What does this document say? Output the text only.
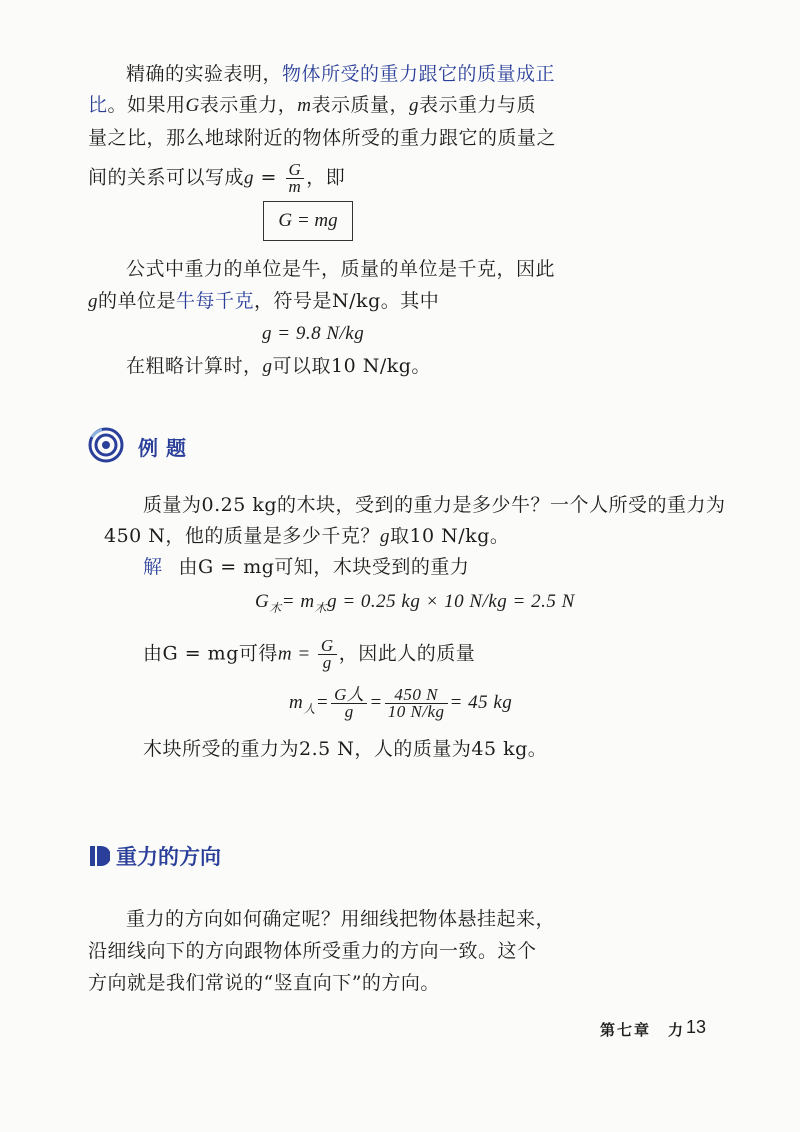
精确的实验表明，物体所受的重力跟它的质量成正
比。如果用G表示重力，m表示质量，g表示重力与质
量之比，那么地球附近的物体所受的重力跟它的质量之
间的关系可以写成$g = \frac{G}{m}$ ，即
G = mg
公式中重力的单位是牛，质量的单位是千克，因此
g的单位是牛每千克，符号是N/kg。其中
g = 9.8 N/kg
在粗略计算时，g可以取10 N/kg。
例题
质量为0.25 kg的木块，受到的重力是多少牛？一个人所受的重力为
450 N，他的质量是多少千克？g取10 N/kg。
解 由G = mg可知，木块受到的重力
$G_木= m_木g = 0.25$ kg × 10 N/kg = 2.5 N
由G = mg可得$m = \frac{G}{g}$ ，因此人的质量
$m_人= \frac{\text{G人}}{g} = \frac{450 N}{10 N/kg} = 45$ kg
木块所受的重力为2.5 N，人的质量为45 kg。
重力的方向
重力的方向如何确定呢？用细线把物体悬挂起来，
沿细线向下的方向跟物体所受重力的方向一致。这个
方向就是我们常说的“竖直向下”的方向。
第七章　力 13
